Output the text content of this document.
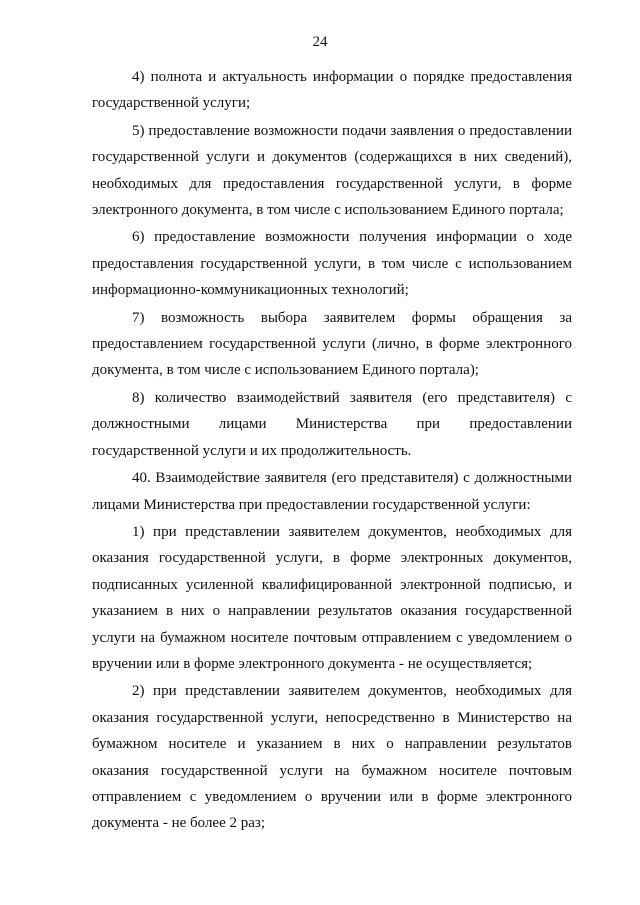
24

4) полнота и актуальность информации о порядке предоставления государственной услуги;

5) предоставление возможности подачи заявления о предоставлении государственной услуги и документов (содержащихся в них сведений), необходимых для предоставления государственной услуги, в форме электронного документа, в том числе с использованием Единого портала;

6) предоставление возможности получения информации о ходе предоставления государственной услуги, в том числе с использованием информационно-коммуникационных технологий;

7) возможность выбора заявителем формы обращения за предоставлением государственной услуги (лично, в форме электронного документа, в том числе с использованием Единого портала);

8) количество взаимодействий заявителя (его представителя) с должностными лицами Министерства при предоставлении государственной услуги и их продолжительность.

40. Взаимодействие заявителя (его представителя) с должностными лицами Министерства при предоставлении государственной услуги:

1) при представлении заявителем документов, необходимых для оказания государственной услуги, в форме электронных документов, подписанных усиленной квалифицированной электронной подписью, и указанием в них о направлении результатов оказания государственной услуги на бумажном носителе почтовым отправлением с уведомлением о вручении или в форме электронного документа - не осуществляется;

2) при представлении заявителем документов, необходимых для оказания государственной услуги, непосредственно в Министерство на бумажном носителе и указанием в них о направлении результатов оказания государственной услуги на бумажном носителе почтовым отправлением с уведомлением о вручении или в форме электронного документа - не более 2 раз;
